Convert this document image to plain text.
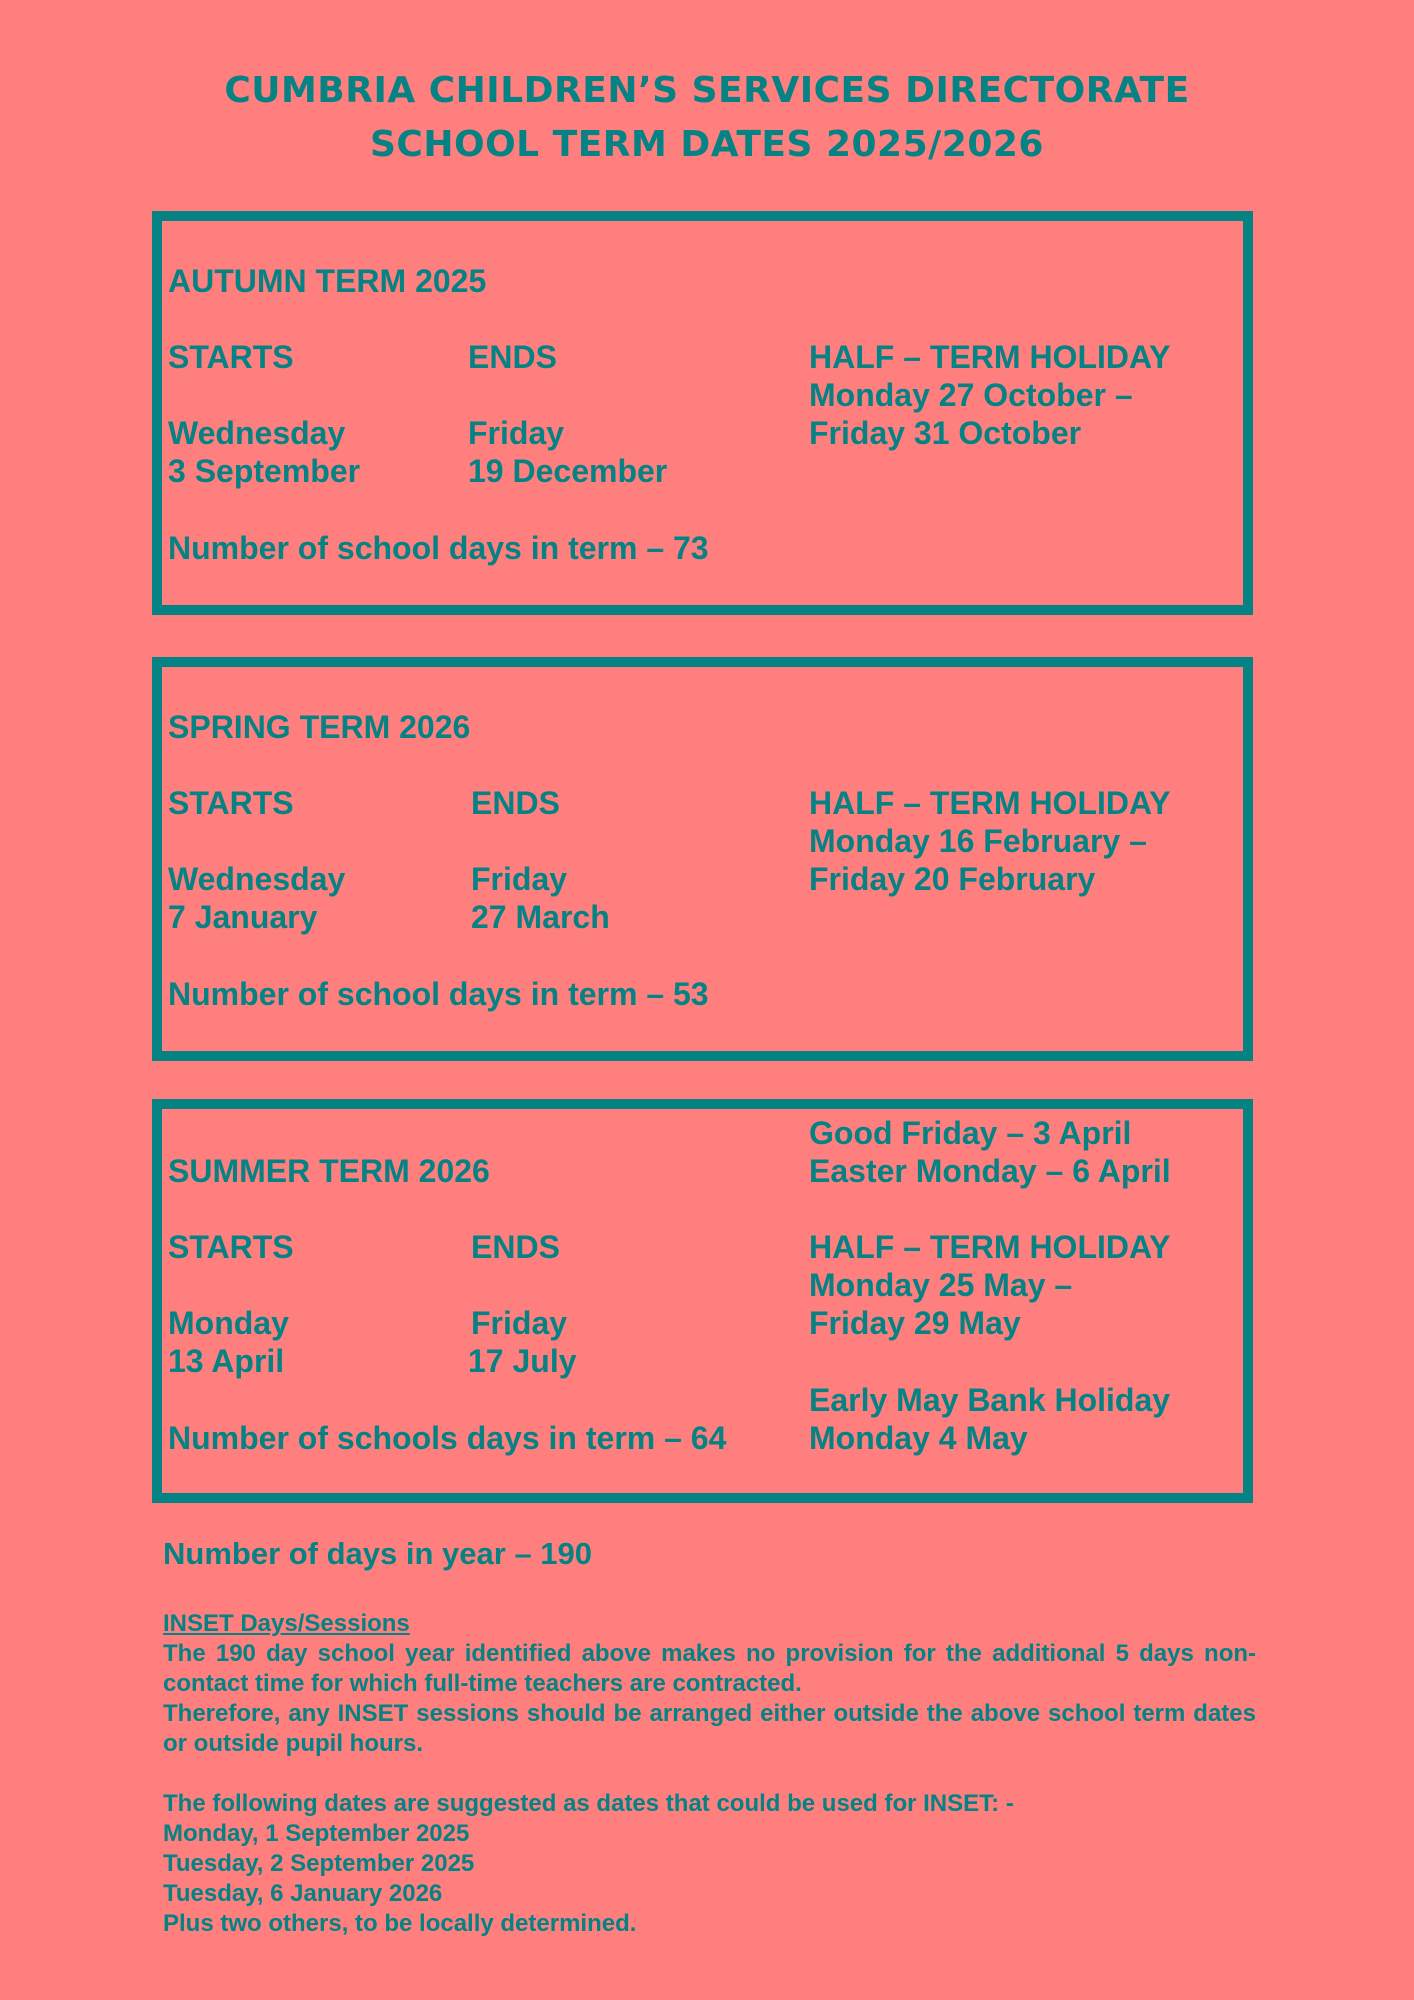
CUMBRIA CHILDREN’S SERVICES DIRECTORATE
SCHOOL TERM DATES 2025/2026
AUTUMN TERM 2025
STARTS	ENDS	HALF – TERM HOLIDAY
Monday 27 October –
Friday 31 October
Wednesday	Friday
3 September	19 December
Number of school days in term – 73
SPRING TERM 2026
STARTS	ENDS	HALF – TERM HOLIDAY
Monday 16 February –
Friday 20 February
Wednesday	Friday
7 January	27 March
Number of school days in term – 53
Good Friday – 3 April
Easter Monday – 6 April
SUMMER TERM 2026
STARTS	ENDS	HALF – TERM HOLIDAY
Monday 25 May –
Friday 29 May
Monday	Friday
13 April	17 July
Early May Bank Holiday
Monday 4 May
Number of schools days in term – 64
Number of days in year – 190
INSET Days/Sessions
The 190 day school year identified above makes no provision for the additional 5 days non-contact time for which full-time teachers are contracted.
Therefore, any INSET sessions should be arranged either outside the above school term dates or outside pupil hours.
The following dates are suggested as dates that could be used for INSET: -
Monday, 1 September 2025
Tuesday, 2 September 2025
Tuesday, 6 January 2026
Plus two others, to be locally determined.
